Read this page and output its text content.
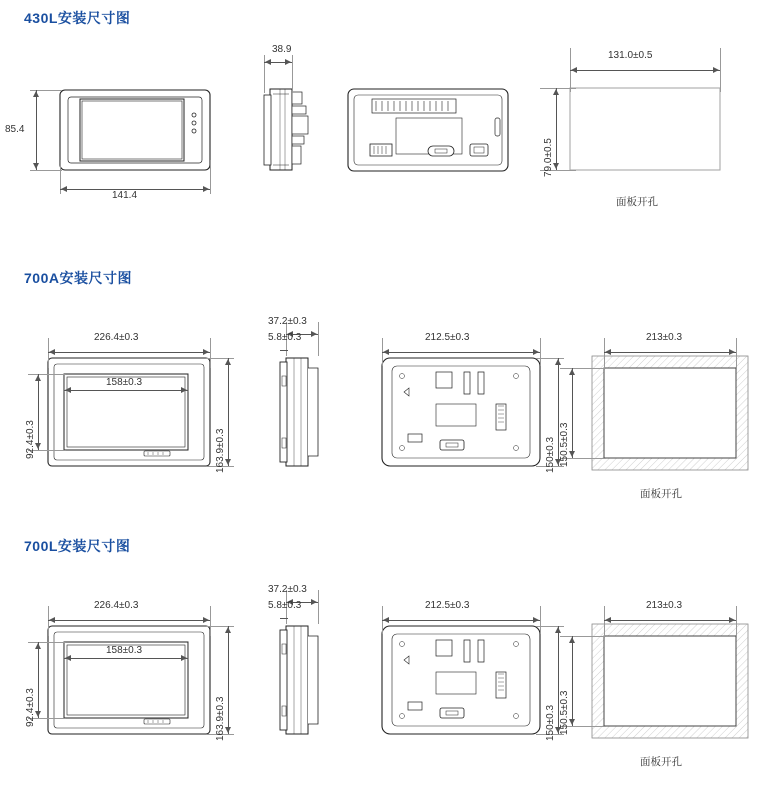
430L安装尺寸图
141.4
85.4
38.9
131.0±0.5
79.0±0.5
面板开孔
700A安装尺寸图
226.4±0.3
158±0.3
92.4±0.3	163.9±0.3
37.2±0.3
5.8±0.3	212.5±0.3
150±0.3
213±0.3
150.5±0.3
面板开孔
700L安装尺寸图
226.4±0.3
158±0.3
92.4±0.3	163.9±0.3
37.2±0.3
5.8±0.3	212.5±0.3
150±0.3
213±0.3
150.5±0.3
面板开孔
